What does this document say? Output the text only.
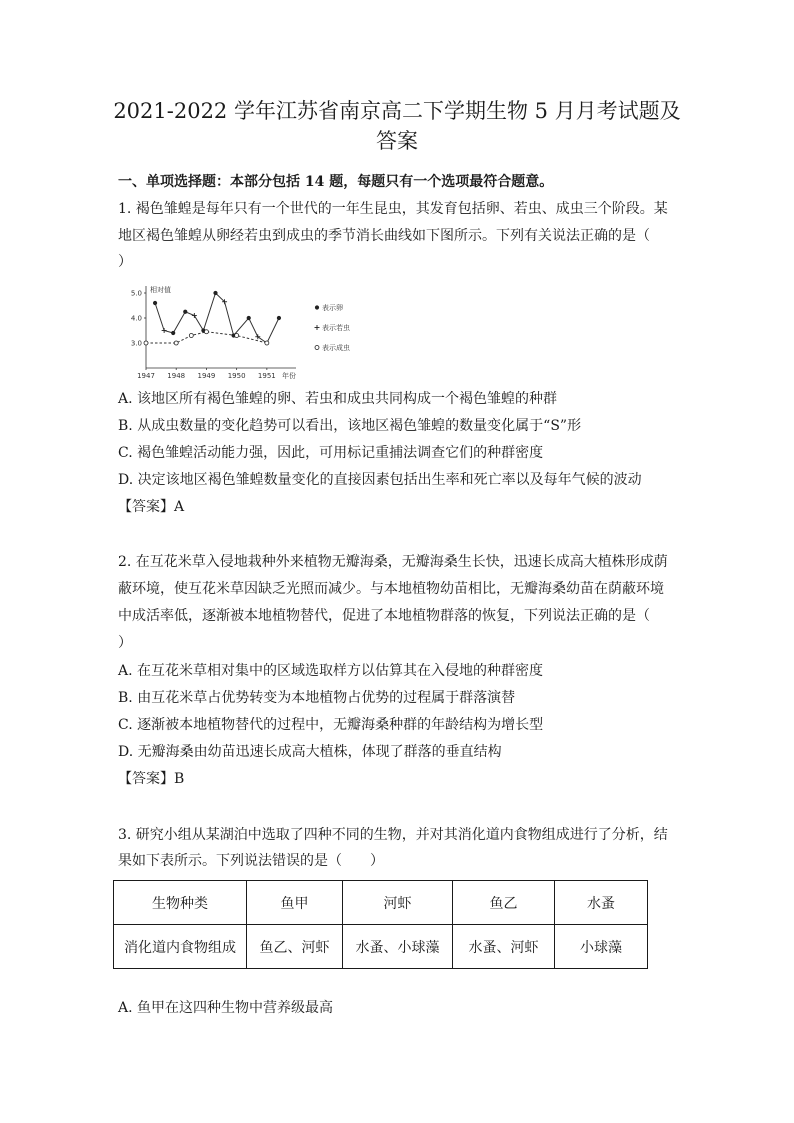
2021-2022 学年江苏省南京高二下学期生物 5 月月考试题及
答案
一、单项选择题：本部分包括 14 题，每题只有一个选项最符合题意。
1. 褐色雏蝗是每年只有一个世代的一年生昆虫，其发育包括卵、若虫、成虫三个阶段。某
地区褐色雏蝗从卵经若虫到成虫的季节消长曲线如下图所示。下列有关说法正确的是（
）
相对值
年份
5.0
4.0
3.0
1947 1948 1949 1950 1951
表示卵
表示若虫
表示成虫
A. 该地区所有褐色雏蝗的卵、若虫和成虫共同构成一个褐色雏蝗的种群
B. 从成虫数量的变化趋势可以看出，该地区褐色雏蝗的数量变化属于“S”形
C. 褐色雏蝗活动能力强，因此，可用标记重捕法调查它们的种群密度
D. 决定该地区褐色雏蝗数量变化的直接因素包括出生率和死亡率以及每年气候的波动
【答案】A
2. 在互花米草入侵地栽种外来植物无瓣海桑，无瓣海桑生长快，迅速长成高大植株形成荫
蔽环境，使互花米草因缺乏光照而减少。与本地植物幼苗相比，无瓣海桑幼苗在荫蔽环境
中成活率低，逐渐被本地植物替代，促进了本地植物群落的恢复，下列说法正确的是（
）
A. 在互花米草相对集中的区域选取样方以估算其在入侵地的种群密度
B. 由互花米草占优势转变为本地植物占优势的过程属于群落演替
C. 逐渐被本地植物替代的过程中，无瓣海桑种群的年龄结构为增长型
D. 无瓣海桑由幼苗迅速长成高大植株，体现了群落的垂直结构
【答案】B
3. 研究小组从某湖泊中选取了四种不同的生物，并对其消化道内食物组成进行了分析，结
果如下表所示。下列说法错误的是（　　）
生物种类	鱼甲	河虾	鱼乙	水蚤
消化道内食物组成	鱼乙、河虾	水蚤、小球藻	水蚤、河虾	小球藻
A. 鱼甲在这四种生物中营养级最高
